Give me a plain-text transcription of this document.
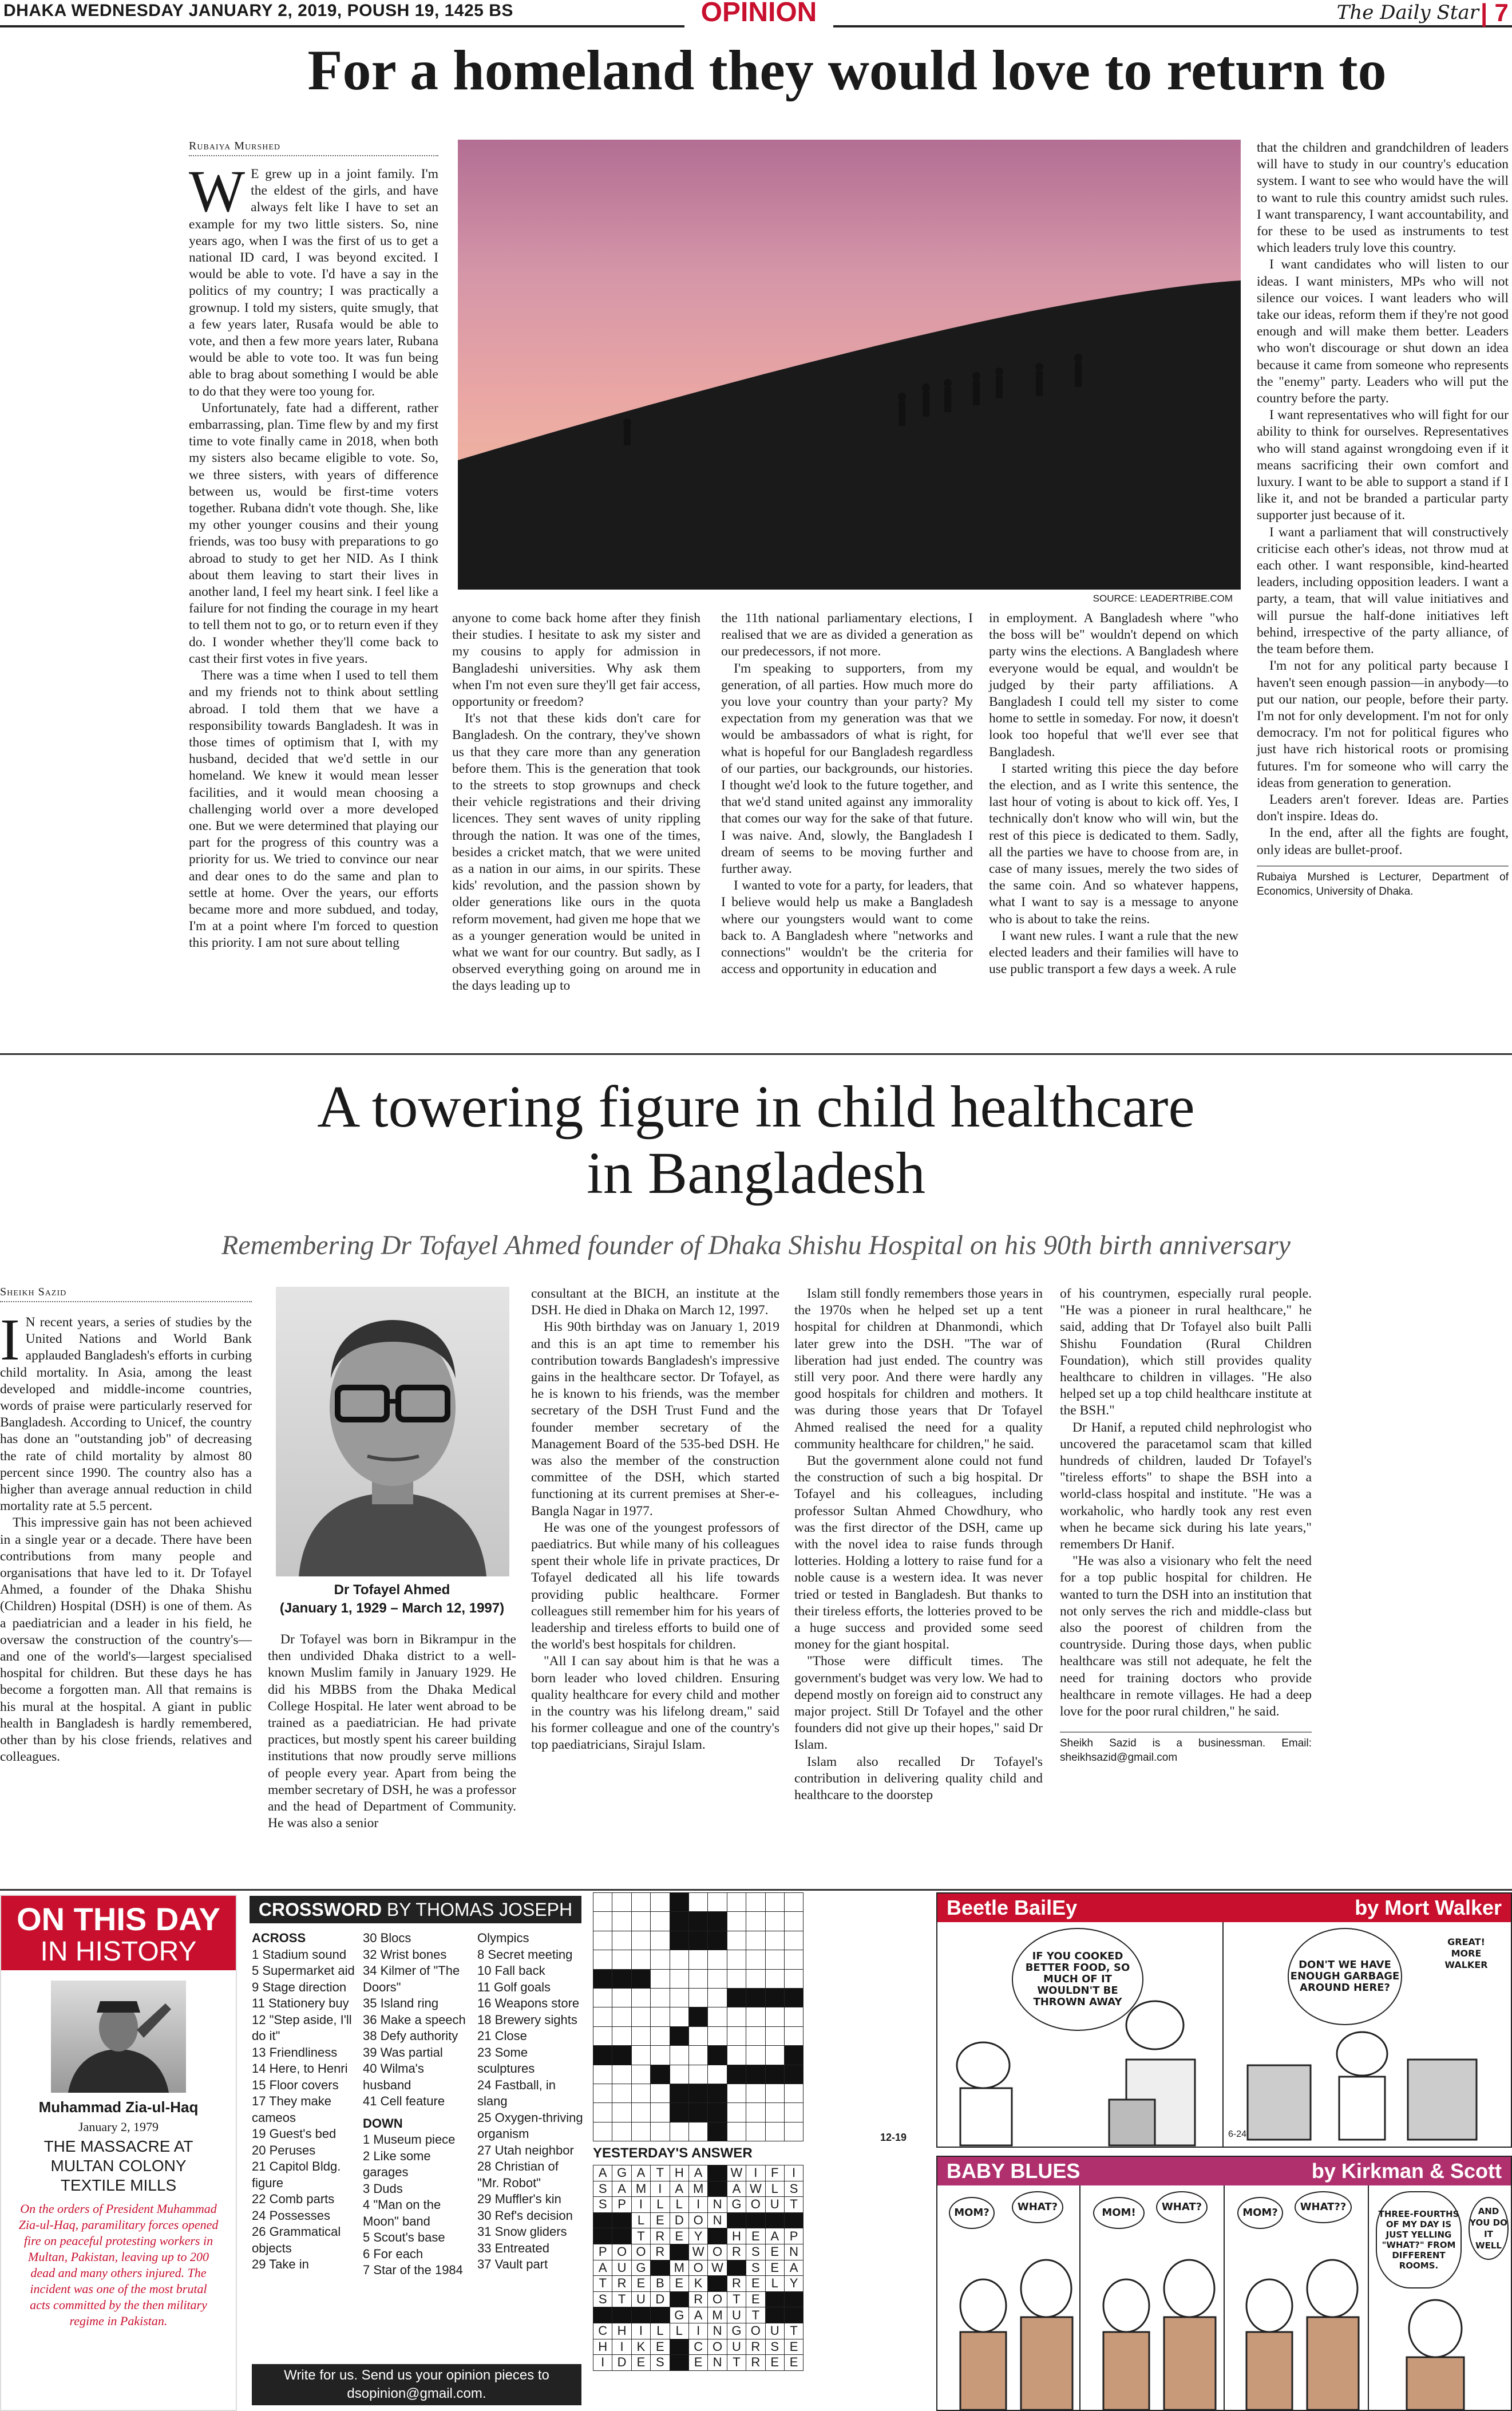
DHAKA WEDNESDAY JANUARY 2, 2019, POUSH 19, 1425 BS	OPINION	The Daily Star | 7
For a homeland they would love to return to
Rubaiya Murshed
W E grew up in a joint family. I'm the eldest of the girls, and have always felt like I have to set an example for my two little sisters. So, nine years ago, when I was the first of us to get a national ID card, I was beyond excited. I would be able to vote. I'd have a say in the politics of my country; I was practically a grownup. I told my sisters, quite smugly, that a few years later, Rusafa would be able to vote, and then a few more years later, Rubana would be able to vote too. It was fun being able to brag about something I would be able to do that they were too young for.

Unfortunately, fate had a different, rather embarrassing, plan. Time flew by and my first time to vote finally came in 2018, when both my sisters also became eligible to vote. So, we three sisters, with years of difference between us, would be first-time voters together. Rubana didn't vote though. She, like my other younger cousins and their young friends, was too busy with preparations to go abroad to study to get her NID. As I think about them leaving to start their lives in another land, I feel my heart sink. I feel like a failure for not finding the courage in my heart to tell them not to go, or to return even if they do. I wonder whether they'll come back to cast their first votes in five years.

There was a time when I used to tell them and my friends not to think about settling abroad. I told them that we have a responsibility towards Bangladesh. It was in those times of optimism that I, with my husband, decided that we'd settle in our homeland. We knew it would mean lesser facilities, and it would mean choosing a challenging world over a more developed one. But we were determined that playing our part for the progress of this country was a priority for us. We tried to convince our near and dear ones to do the same and plan to settle at home. Over the years, our efforts became more and more subdued, and today, I'm at a point where I'm forced to question this priority. I am not sure about telling

SOURCE: LEADERTRIBE.COM

anyone to come back home after they finish their studies. I hesitate to ask my sister and my cousins to apply for admission in Bangladeshi universities. Why ask them when I'm not even sure they'll get fair access, opportunity or freedom?

It's not that these kids don't care for Bangladesh. On the contrary, they've shown us that they care more than any generation before them. This is the generation that took to the streets to stop grownups and check their vehicle registrations and their driving licences. They sent waves of unity rippling through the nation. It was one of the times, besides a cricket match, that we were united as a nation in our aims, in our spirits. These kids' revolution, and the passion shown by older generations like ours in the quota reform movement, had given me hope that we as a younger generation would be united in what we want for our country. But sadly, as I observed everything going on around me in the days leading up to

the 11th national parliamentary elections, I realised that we are as divided a generation as our predecessors, if not more.

I'm speaking to supporters, from my generation, of all parties. How much more do you love your country than your party? My expectation from my generation was that we would be ambassadors of what is right, for what is hopeful for our Bangladesh regardless of our parties, our backgrounds, our histories. I thought we'd look to the future together, and that we'd stand united against any immorality that comes our way for the sake of that future. I was naive. And, slowly, the Bangladesh I dream of seems to be moving further and further away.

I wanted to vote for a party, for leaders, that I believe would help us make a Bangladesh where our youngsters would want to come back to. A Bangladesh where "networks and connections" wouldn't be the criteria for access and opportunity in education and

in employment. A Bangladesh where "who the boss will be" wouldn't depend on which party wins the elections. A Bangladesh where everyone would be equal, and wouldn't be judged by their party affiliations. A Bangladesh I could tell my sister to come home to settle in someday. For now, it doesn't look too hopeful that we'll ever see that Bangladesh.

I started writing this piece the day before the election, and as I write this sentence, the last hour of voting is about to kick off. Yes, I technically don't know who will win, but the rest of this piece is dedicated to them. Sadly, all the parties we have to choose from are, in case of many issues, merely the two sides of the same coin. And so whatever happens, what I want to say is a message to anyone who is about to take the reins.

I want new rules. I want a rule that the new elected leaders and their families will have to use public transport a few days a week. A rule

that the children and grandchildren of leaders will have to study in our country's education system. I want to see who would have the will to want to rule this country amidst such rules. I want transparency, I want accountability, and for these to be used as instruments to test which leaders truly love this country.

I want candidates who will listen to our ideas. I want ministers, MPs who will not silence our voices. I want leaders who will take our ideas, reform them if they're not good enough and will make them better. Leaders who won't discourage or shut down an idea because it came from someone who represents the "enemy" party. Leaders who will put the country before the party.

I want representatives who will fight for our ability to think for ourselves. Representatives who will stand against wrongdoing even if it means sacrificing their own comfort and luxury. I want to be able to support a stand if I like it, and not be branded a particular party supporter just because of it.

I want a parliament that will constructively criticise each other's ideas, not throw mud at each other. I want responsible, kind-hearted leaders, including opposition leaders. I want a party, a team, that will value initiatives and will pursue the half-done initiatives left behind, irrespective of the party alliance, of the team before them.

I'm not for any political party because I haven't seen enough passion—in anybody—to put our nation, our people, before their party. I'm not for only development. I'm not for only democracy. I'm not for political figures who just have rich historical roots or promising futures. I'm for someone who will carry the ideas from generation to generation.

Leaders aren't forever. Ideas are. Parties don't inspire. Ideas do.

In the end, after all the fights are fought, only ideas are bullet-proof.

Rubaiya Murshed is Lecturer, Department of Economics, University of Dhaka.
A towering figure in child healthcare
in Bangladesh
Remembering Dr Tofayel Ahmed founder of Dhaka Shishu Hospital on his 90th birth anniversary
Sheikh Sazid
I N recent years, a series of studies by the United Nations and World Bank applauded Bangladesh's efforts in curbing child mortality. In Asia, among the least developed and middle-income countries, words of praise were particularly reserved for Bangladesh. According to Unicef, the country has done an "outstanding job" of decreasing the rate of child mortality by almost 80 percent since 1990. The country also has a higher than average annual reduction in child mortality rate at 5.5 percent.

This impressive gain has not been achieved in a single year or a decade. There have been contributions from many people and organisations that have led to it. Dr Tofayel Ahmed, a founder of the Dhaka Shishu (Children) Hospital (DSH) is one of them. As a paediatrician and a leader in his field, he oversaw the construction of the country's—and one of the world's—largest specialised hospital for children. But these days he has become a forgotten man. All that remains is his mural at the hospital. A giant in public health in Bangladesh is hardly remembered, other than by his close friends, relatives and colleagues.

Dr Tofayel Ahmed
(January 1, 1929 – March 12, 1997)

Dr Tofayel was born in Bikrampur in the then undivided Dhaka district to a well-known Muslim family in January 1929. He did his MBBS from the Dhaka Medical College Hospital. He later went abroad to be trained as a paediatrician. He had private practices, but mostly spent his career building institutions that now proudly serve millions of people every year. Apart from being the member secretary of DSH, he was a professor and the head of Department of Community. He was also a senior

consultant at the BICH, an institute at the DSH. He died in Dhaka on March 12, 1997.

His 90th birthday was on January 1, 2019 and this is an apt time to remember his contribution towards Bangladesh's impressive gains in the healthcare sector. Dr Tofayel, as he is known to his friends, was the member secretary of the DSH Trust Fund and the founder member secretary of the Management Board of the 535-bed DSH. He was also the member of the construction committee of the DSH, which started functioning at its current premises at Sher-e-Bangla Nagar in 1977.

He was one of the youngest professors of paediatrics. But while many of his colleagues spent their whole life in private practices, Dr Tofayel dedicated all his life towards providing public healthcare. Former colleagues still remember him for his years of leadership and tireless efforts to build one of the world's best hospitals for children.

"All I can say about him is that he was a born leader who loved children. Ensuring quality healthcare for every child and mother in the country was his lifelong dream," said his former colleague and one of the country's top paediatricians, Sirajul Islam.

Islam still fondly remembers those years in the 1970s when he helped set up a tent hospital for children at Dhanmondi, which later grew into the DSH. "The war of liberation had just ended. The country was still very poor. And there were hardly any good hospitals for children and mothers. It was during those years that Dr Tofayel Ahmed realised the need for a quality community healthcare for children," he said.

But the government alone could not fund the construction of such a big hospital. Dr Tofayel and his colleagues, including professor Sultan Ahmed Chowdhury, who was the first director of the DSH, came up with the novel idea to raise funds through lotteries. Holding a lottery to raise fund for a noble cause is a western idea. It was never tried or tested in Bangladesh. But thanks to their tireless efforts, the lotteries proved to be a huge success and provided some seed money for the giant hospital.

"Those were difficult times. The government's budget was very low. We had to depend mostly on foreign aid to construct any major project. Still Dr Tofayel and the other founders did not give up their hopes," said Dr Islam.

Islam also recalled Dr Tofayel's contribution in delivering quality child and healthcare to the doorstep

of his countrymen, especially rural people. "He was a pioneer in rural healthcare," he said, adding that Dr Tofayel also built Palli Shishu Foundation (Rural Children Foundation), which still provides quality healthcare to children in villages. "He also helped set up a top child healthcare institute at the BSH."

Dr Hanif, a reputed child nephrologist who uncovered the paracetamol scam that killed hundreds of children, lauded Dr Tofayel's "tireless efforts" to shape the BSH into a world-class hospital and institute. "He was a workaholic, who hardly took any rest even when he became sick during his late years," remembers Dr Hanif.

"He was also a visionary who felt the need for a top public hospital for children. He wanted to turn the DSH into an institution that not only serves the rich and middle-class but also the poorest of children from the countryside. During those days, when public healthcare was still not adequate, he felt the need for training doctors who provide healthcare in remote villages. He had a deep love for the poor rural children," he said.

Sheikh Sazid is a businessman. Email: sheikhsazid@gmail.com
ON THIS DAY
IN HISTORY
Muhammad Zia-ul-Haq
January 2, 1979
THE MASSACRE AT MULTAN COLONY TEXTILE MILLS
On the orders of President Muhammad Zia-ul-Haq, paramilitary forces opened fire on peaceful protesting workers in Multan, Pakistan, leaving up to 200 dead and many others injured. The incident was one of the most brutal acts committed by the then military regime in Pakistan.
CROSSWORD BY THOMAS JOSEPH
ACROSS
1 Stadium sound
5 Supermarket aid
9 Stage direction
11 Stationery buy
12 "Step aside, I'll do it"
13 Friendliness
14 Here, to Henri
15 Floor covers
17 They make cameos
19 Guest's bed
20 Peruses
21 Capitol Bldg. figure
22 Comb parts
24 Possesses
26 Grammatical objects
29 Take in
30 Blocs
32 Wrist bones
34 Kilmer of "The Doors"
35 Island ring
36 Make a speech
38 Defy authority
39 Was partial
40 Wilma's husband
41 Cell feature
DOWN
1 Museum piece
2 Like some garages
3 Duds
4 "Man on the Moon" band
5 Scout's base
6 For each
7 Star of the 1984
Olympics
8 Secret meeting
10 Fall back
11 Golf goals
16 Weapons store
18 Brewery sights
21 Close
23 Some sculptures
24 Fastball, in slang
25 Oxygen-thriving organism
27 Utah neighbor
28 Christian of "Mr. Robot"
29 Muffler's kin
30 Ref's decision
31 Snow gliders
33 Entreated
37 Vault part
Write for us. Send us your opinion pieces to
dsopinion@gmail.com.

12-19
YESTERDAY'S ANSWER
A	G	A	T	H	A		W	I	F	I
S	A	M	I	A	M		A	W	L	S
S	P	I	L	L	I	N	G	O	U	T
		L	E	D	O	N				
		T	R	E	Y		H	E	A	P
P	O	O	R		W	O	R	S	E	N
A	U	G		M	O	W		S	E	A
T	R	E	B	E	K		R	E	L	Y
S	T	U	D		R	O	T	E		
				G	A	M	U	T		
C	H	I	L	L	I	N	G	O	U	T
H	I	K	E		C	O	U	R	S	E
I	D	E	S		E	N	T	R	E	E
Beetle BailEy	by Mort Walker
IF YOU COOKED BETTER FOOD, SO MUCH OF IT WOULDN'T BE THROWN AWAY
DON'T WE HAVE ENOUGH GARBAGE AROUND HERE?
GREAT! MORE WALKER
6-24
BABY BLUES	by Kirkman & Scott
MOM?	WHAT?	MOM!	WHAT?	MOM?	WHAT??
THREE-FOURTHS OF MY DAY IS JUST YELLING "WHAT?" FROM DIFFERENT ROOMS.
AND YOU DO IT WELL
